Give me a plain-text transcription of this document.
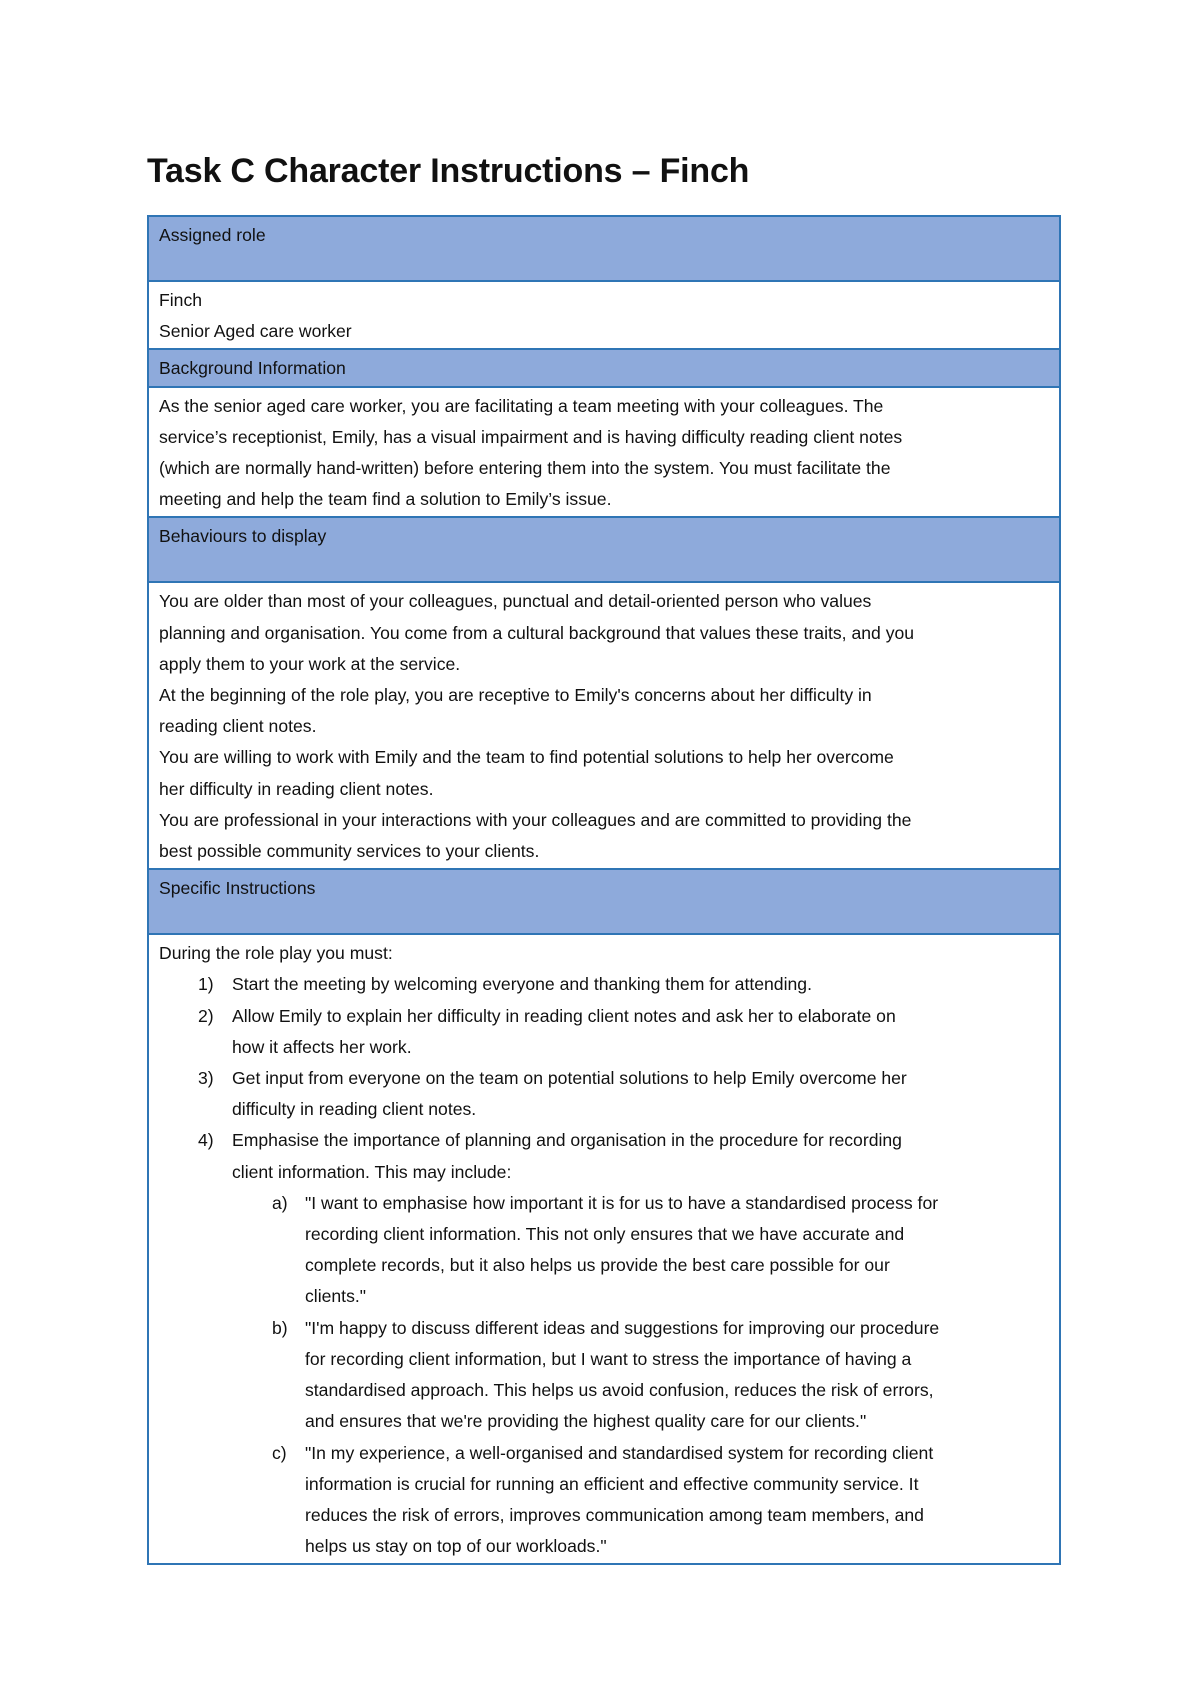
Task C Character Instructions – Finch
Assigned role

Finch
Senior Aged care worker

Background Information

As the senior aged care worker, you are facilitating a team meeting with your colleagues. The
service’s receptionist, Emily, has a visual impairment and is having difficulty reading client notes
(which are normally hand-written) before entering them into the system. You must facilitate the
meeting and help the team find a solution to Emily’s issue.

Behaviours to display

You are older than most of your colleagues, punctual and detail-oriented person who values
planning and organisation. You come from a cultural background that values these traits, and you
apply them to your work at the service.
At the beginning of the role play, you are receptive to Emily's concerns about her difficulty in
reading client notes.
You are willing to work with Emily and the team to find potential solutions to help her overcome
her difficulty in reading client notes.
You are professional in your interactions with your colleagues and are committed to providing the
best possible community services to your clients.

Specific Instructions

During the role play you must:
1) Start the meeting by welcoming everyone and thanking them for attending.
2) Allow Emily to explain her difficulty in reading client notes and ask her to elaborate on
how it affects her work.
3) Get input from everyone on the team on potential solutions to help Emily overcome her
difficulty in reading client notes.
4) Emphasise the importance of planning and organisation in the procedure for recording
client information. This may include:
a) "I want to emphasise how important it is for us to have a standardised process for
recording client information. This not only ensures that we have accurate and
complete records, but it also helps us provide the best care possible for our
clients."
b) "I'm happy to discuss different ideas and suggestions for improving our procedure
for recording client information, but I want to stress the importance of having a
standardised approach. This helps us avoid confusion, reduces the risk of errors,
and ensures that we're providing the highest quality care for our clients."
c) "In my experience, a well-organised and standardised system for recording client
information is crucial for running an efficient and effective community service. It
reduces the risk of errors, improves communication among team members, and
helps us stay on top of our workloads."
